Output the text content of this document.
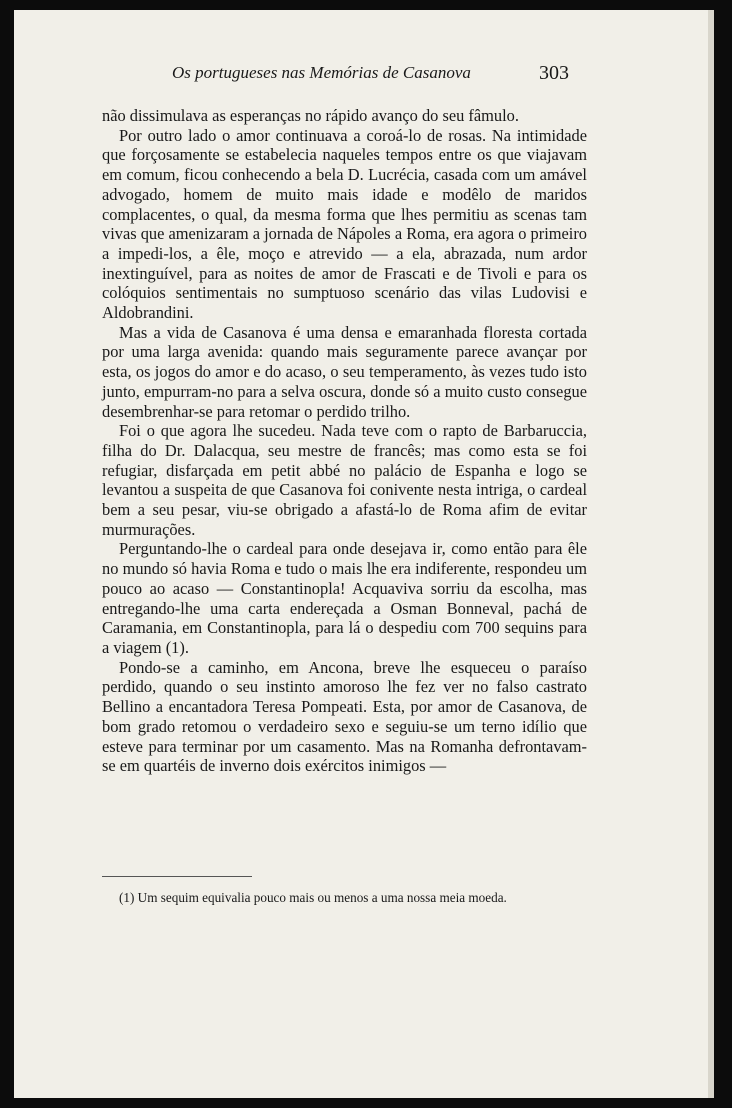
Os portugueses nas Memórias de Casanova	303

não dissimulava as esperanças no rápido avanço do seu fâmulo.

Por outro lado o amor continuava a coroá-lo de rosas. Na intimidade que forçosamente se estabelecia naqueles tempos entre os que viajavam em comum, ficou conhecendo a bela D. Lucrécia, casada com um amável advogado, homem de muito mais idade e modêlo de maridos complacentes, o qual, da mesma forma que lhes permitiu as scenas tam vivas que amenizaram a jornada de Nápoles a Roma, era agora o primeiro a impedi-los, a êle, moço e atrevido — a ela, abrazada, num ardor inextinguível, para as noites de amor de Frascati e de Tivoli e para os colóquios sentimentais no sumptuoso scenário das vilas Ludovisi e Aldobrandini.

Mas a vida de Casanova é uma densa e emaranhada floresta cortada por uma larga avenida: quando mais seguramente parece avançar por esta, os jogos do amor e do acaso, o seu temperamento, às vezes tudo isto junto, empurram-no para a selva oscura, donde só a muito custo consegue desembrenhar-se para retomar o perdido trilho.

Foi o que agora lhe sucedeu. Nada teve com o rapto de Barbaruccia, filha do Dr. Dalacqua, seu mestre de francês; mas como esta se foi refugiar, disfarçada em petit abbé no palácio de Espanha e logo se levantou a suspeita de que Casanova foi conivente nesta intriga, o cardeal bem a seu pesar, viu-se obrigado a afastá-lo de Roma afim de evitar murmurações.

Perguntando-lhe o cardeal para onde desejava ir, como então para êle no mundo só havia Roma e tudo o mais lhe era indiferente, respondeu um pouco ao acaso — Constantinopla! Acquaviva sorriu da escolha, mas entregando-lhe uma carta endereçada a Osman Bonneval, pachá de Caramania, em Constantinopla, para lá o despediu com 700 sequins para a viagem (1).

Pondo-se a caminho, em Ancona, breve lhe esqueceu o paraíso perdido, quando o seu instinto amoroso lhe fez ver no falso castrato Bellino a encantadora Teresa Pompeati. Esta, por amor de Casanova, de bom grado retomou o verdadeiro sexo e seguiu-se um terno idílio que esteve para terminar por um casamento. Mas na Romanha defrontavam-se em quartéis de inverno dois exércitos inimigos —

(1) Um sequim equivalia pouco mais ou menos a uma nossa meia moeda.
